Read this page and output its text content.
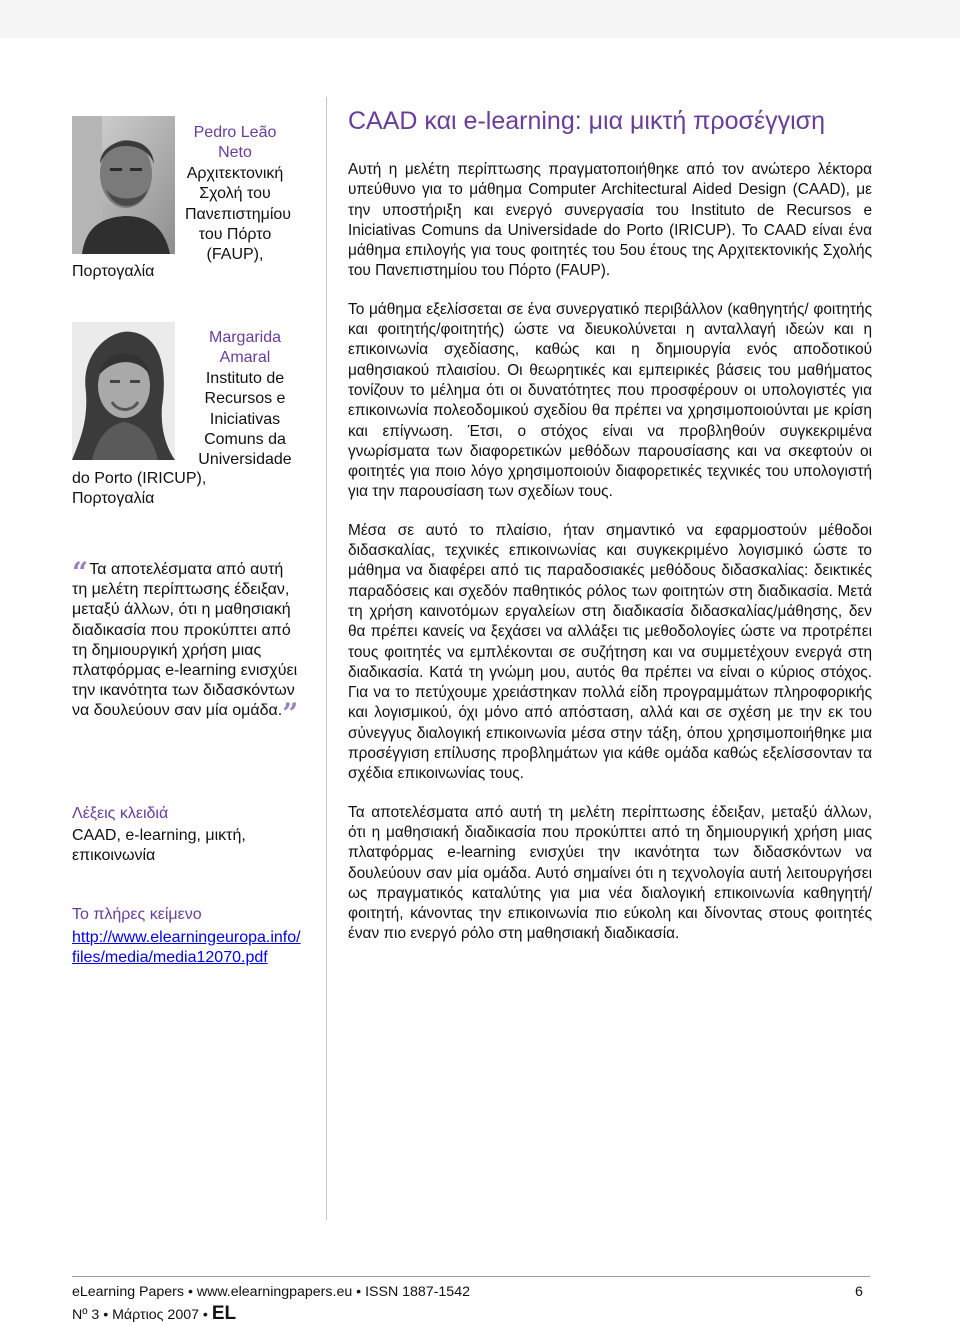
Pedro Leão
Neto
Αρχιτεκτονική
Σχολή του
Πανεπιστημίου
του Πόρτο
(FAUP),
Πορτογαλία
Margarida
Amaral
Instituto de
Recursos e
Iniciativas
Comuns da
Universidade
do Porto (IRICUP),
Πορτογαλία
“ Τα αποτελέσματα από αυτή τη μελέτη περίπτωσης έδειξαν, μεταξύ άλλων, ότι η μαθησιακή διαδικασία που προκύπτει από τη δημιουργική χρήση μιας πλατφόρμας e-learning ενισχύει την ικανότητα των διδασκόντων να δουλεύουν σαν μία ομάδα.”
Λέξεις κλειδιά
CAAD, e-learning, μικτή, επικοινωνία
Το πλήρες κείμενο
http://www.elearningeuropa.info/files/media/media12070.pdf
CAAD και e-learning: μια μικτή προσέγγιση

Αυτή η μελέτη περίπτωσης πραγματοποιήθηκε από τον ανώτερο λέκτορα υπεύθυνο για το μάθημα Computer Architectural Aided Design (CAAD), με την υποστήριξη και ενεργό συνεργασία του Instituto de Recursos e Iniciativas Comuns da Universidade do Porto (IRICUP). Το CAAD είναι ένα μάθημα επιλογής για τους φοιτητές του 5ου έτους της Αρχιτεκτονικής Σχολής του Πανεπιστημίου του Πόρτο (FAUP).

Το μάθημα εξελίσσεται σε ένα συνεργατικό περιβάλλον (καθηγητής/ φοιτητής και φοιτητής/φοιτητής) ώστε να διευκολύνεται η ανταλλαγή ιδεών και η επικοινωνία σχεδίασης, καθώς και η δημιουργία ενός αποδοτικού μαθησιακού πλαισίου. Οι θεωρητικές και εμπειρικές βάσεις του μαθήματος τονίζουν το μέλημα ότι οι δυνατότητες που προσφέρουν οι υπολογιστές για επικοινωνία πολεοδομικού σχεδίου θα πρέπει να χρησιμοποιούνται με κρίση και επίγνωση. Έτσι, ο στόχος είναι να προβληθούν συγκεκριμένα γνωρίσματα των διαφορετικών μεθόδων παρουσίασης και να σκεφτούν οι φοιτητές για ποιο λόγο χρησιμοποιούν διαφορετικές τεχνικές του υπολογιστή για την παρουσίαση των σχεδίων τους.

Μέσα σε αυτό το πλαίσιο, ήταν σημαντικό να εφαρμοστούν μέθοδοι διδασκαλίας, τεχνικές επικοινωνίας και συγκεκριμένο λογισμικό ώστε το μάθημα να διαφέρει από τις παραδοσιακές μεθόδους διδασκαλίας: δεικτικές παραδόσεις και σχεδόν παθητικός ρόλος των φοιτητών στη διαδικασία. Μετά τη χρήση καινοτόμων εργαλείων στη διαδικασία διδασκαλίας/μάθησης, δεν θα πρέπει κανείς να ξεχάσει να αλλάξει τις μεθοδολογίες ώστε να προτρέπει τους φοιτητές να εμπλέκονται σε συζήτηση και να συμμετέχουν ενεργά στη διαδικασία. Κατά τη γνώμη μου, αυτός θα πρέπει να είναι ο κύριος στόχος. Για να το πετύχουμε χρειάστηκαν πολλά είδη προγραμμάτων πληροφορικής και λογισμικού, όχι μόνο από απόσταση, αλλά και σε σχέση με την εκ του σύνεγγυς διαλογική επικοινωνία μέσα στην τάξη, όπου χρησιμοποιήθηκε μια προσέγγιση επίλυσης προβλημάτων για κάθε ομάδα καθώς εξελίσσονταν τα σχέδια επικοινωνίας τους.

Τα αποτελέσματα από αυτή τη μελέτη περίπτωσης έδειξαν, μεταξύ άλλων, ότι η μαθησιακή διαδικασία που προκύπτει από τη δημιουργική χρήση μιας πλατφόρμας e-learning ενισχύει την ικανότητα των διδασκόντων να δουλεύουν σαν μία ομάδα. Αυτό σημαίνει ότι η τεχνολογία αυτή λειτουργήσει ως πραγματικός καταλύτης για μια νέα διαλογική επικοινωνία καθηγητή/φοιτητή, κάνοντας την επικοινωνία πιο εύκολη και δίνοντας στους φοιτητές έναν πιο ενεργό ρόλο στη μαθησιακή διαδικασία.

eLearning Papers • www.elearningpapers.eu • ISSN 1887-1542	6
Nº 3 • Μάρτιος 2007 • EL
